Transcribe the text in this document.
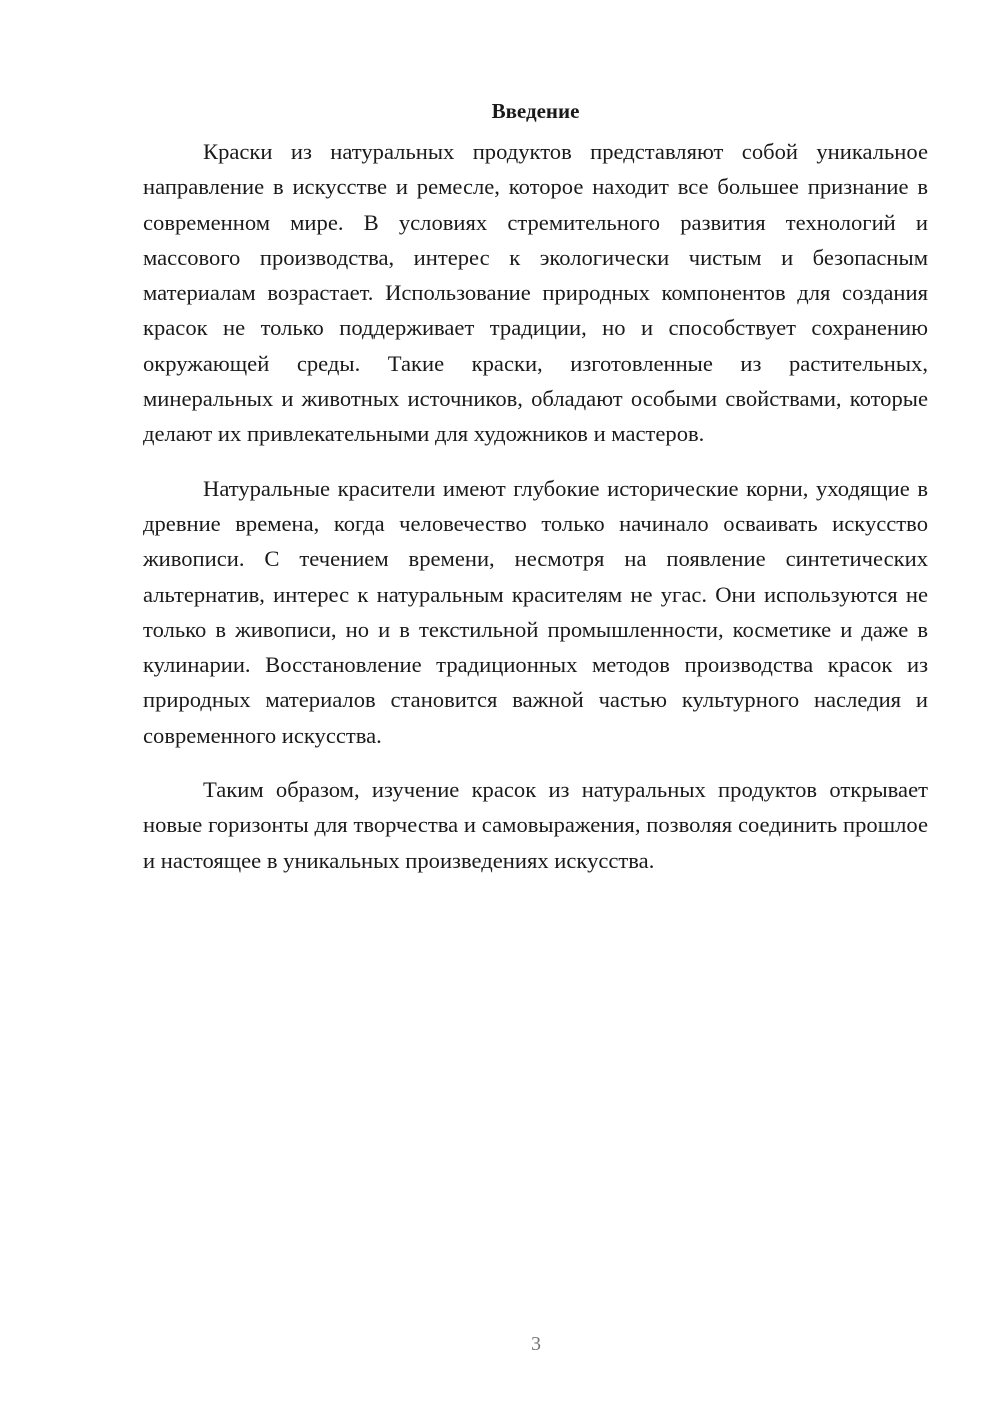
Введение

Краски из натуральных продуктов представляют собой уникальное направление в искусстве и ремесле, которое находит все большее признание в современном мире. В условиях стремительного развития технологий и массового производства, интерес к экологически чистым и безопасным материалам возрастает. Использование природных компонентов для создания красок не только поддерживает традиции, но и способствует сохранению окружающей среды. Такие краски, изготовленные из растительных, минеральных и животных источников, обладают особыми свойствами, которые делают их привлекательными для художников и мастеров.

Натуральные красители имеют глубокие исторические корни, уходящие в древние времена, когда человечество только начинало осваивать искусство живописи. С течением времени, несмотря на появление синтетических альтернатив, интерес к натуральным красителям не угас. Они используются не только в живописи, но и в текстильной промышленности, косметике и даже в кулинарии. Восстановление традиционных методов производства красок из природных материалов становится важной частью культурного наследия и современного искусства.

Таким образом, изучение красок из натуральных продуктов открывает новые горизонты для творчества и самовыражения, позволяя соединить прошлое и настоящее в уникальных произведениях искусства.

3
